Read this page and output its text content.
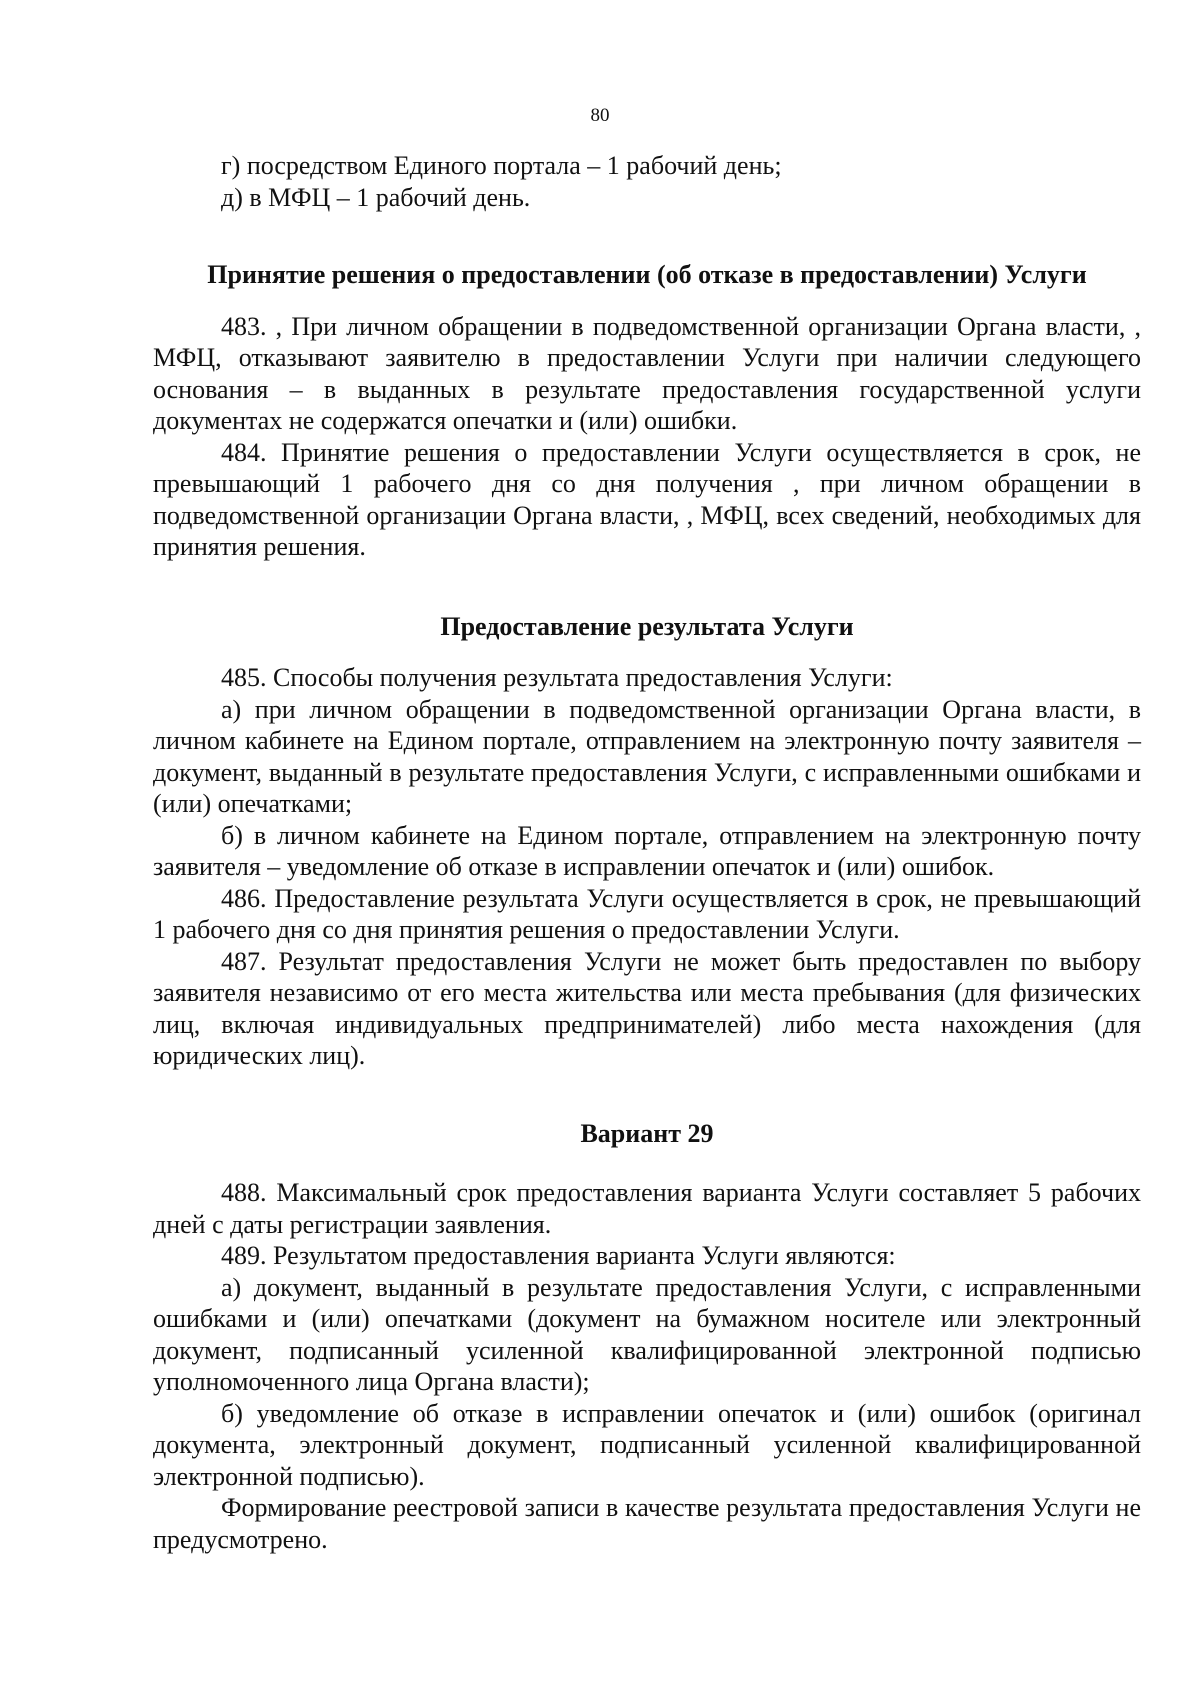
80

г) посредством Единого портала – 1 рабочий день;

д) в МФЦ – 1 рабочий день.

Принятие решения о предоставлении (об отказе в предоставлении) Услуги

483. , При личном обращении в подведомственной организации Органа власти, , МФЦ, отказывают заявителю в предоставлении Услуги при наличии следующего основания – в выданных в результате предоставления государственной услуги документах не содержатся опечатки и (или) ошибки.

484. Принятие решения о предоставлении Услуги осуществляется в срок, не превышающий 1 рабочего дня со дня получения , при личном обращении в подведомственной организации Органа власти, , МФЦ, всех сведений, необходимых для принятия решения.

Предоставление результата Услуги

485. Способы получения результата предоставления Услуги:

а) при личном обращении в подведомственной организации Органа власти, в личном кабинете на Едином портале, отправлением на электронную почту заявителя – документ, выданный в результате предоставления Услуги, с исправленными ошибками и (или) опечатками;

б) в личном кабинете на Едином портале, отправлением на электронную почту заявителя – уведомление об отказе в исправлении опечаток и (или) ошибок.

486. Предоставление результата Услуги осуществляется в срок, не превышающий 1 рабочего дня со дня принятия решения о предоставлении Услуги.

487. Результат предоставления Услуги не может быть предоставлен по выбору заявителя независимо от его места жительства или места пребывания (для физических лиц, включая индивидуальных предпринимателей) либо места нахождения (для юридических лиц).

Вариант 29

488. Максимальный срок предоставления варианта Услуги составляет 5 рабочих дней с даты регистрации заявления.

489. Результатом предоставления варианта Услуги являются:

а) документ, выданный в результате предоставления Услуги, с исправленными ошибками и (или) опечатками (документ на бумажном носителе или электронный документ, подписанный усиленной квалифицированной электронной подписью уполномоченного лица Органа власти);

б) уведомление об отказе в исправлении опечаток и (или) ошибок (оригинал документа, электронный документ, подписанный усиленной квалифицированной электронной подписью).

Формирование реестровой записи в качестве результата предоставления Услуги не предусмотрено.
